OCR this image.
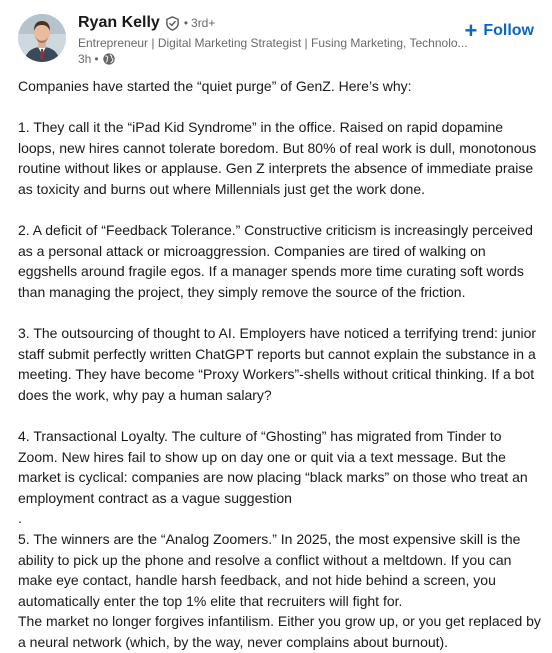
Ryan Kelly • 3rd+
Entrepreneur | Digital Marketing Strategist | Fusing Marketing, Technolo...
3h •
+ Follow

Companies have started the “quiet purge” of GenZ. Here’s why:

1. They call it the “iPad Kid Syndrome” in the office. Raised on rapid dopamine loops, new hires cannot tolerate boredom. But 80% of real work is dull, monotonous routine without likes or applause. Gen Z interprets the absence of immediate praise as toxicity and burns out where Millennials just get the work done.

2. A deficit of “Feedback Tolerance.” Constructive criticism is increasingly perceived as a personal attack or microaggression. Companies are tired of walking on eggshells around fragile egos. If a manager spends more time curating soft words than managing the project, they simply remove the source of the friction.

3. The outsourcing of thought to AI. Employers have noticed a terrifying trend: junior staff submit perfectly written ChatGPT reports but cannot explain the substance in a meeting. They have become “Proxy Workers”-shells without critical thinking. If a bot does the work, why pay a human salary?

4. Transactional Loyalty. The culture of “Ghosting” has migrated from Tinder to Zoom. New hires fail to show up on day one or quit via a text message. But the market is cyclical: companies are now placing “black marks” on those who treat an employment contract as a vague suggestion

.

5. The winners are the “Analog Zoomers.” In 2025, the most expensive skill is the ability to pick up the phone and resolve a conflict without a meltdown. If you can make eye contact, handle harsh feedback, and not hide behind a screen, you automatically enter the top 1% elite that recruiters will fight for.

The market no longer forgives infantilism. Either you grow up, or you get replaced by a neural network (which, by the way, never complains about burnout).
